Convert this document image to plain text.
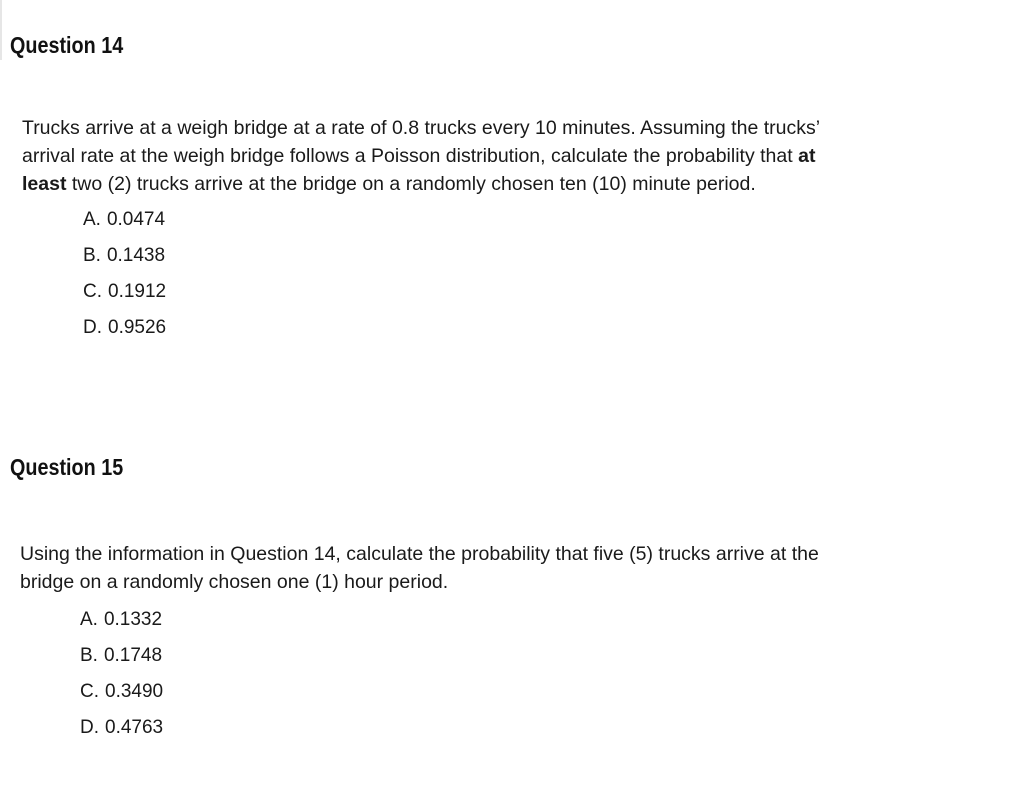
Question 14
Trucks arrive at a weigh bridge at a rate of 0.8 trucks every 10 minutes. Assuming the trucks’
arrival rate at the weigh bridge follows a Poisson distribution, calculate the probability that at
least two (2) trucks arrive at the bridge on a randomly chosen ten (10) minute period.
A. 0.0474
B. 0.1438
C. 0.1912
D. 0.9526
Question 15
Using the information in Question 14, calculate the probability that five (5) trucks arrive at the
bridge on a randomly chosen one (1) hour period.
A. 0.1332
B. 0.1748
C. 0.3490
D. 0.4763
